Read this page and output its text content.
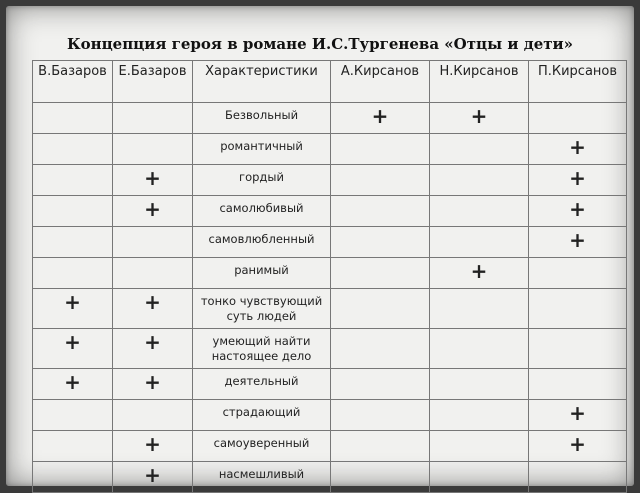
Концепция героя в романе И.С.Тургенева «Отцы и дети»
В.Базаров	Е.Базаров	Характеристики	А.Кирсанов	Н.Кирсанов	П.Кирсанов
		Безвольный	+	+	
		романтичный			+
	+	гордый			+
	+	самолюбивый			+
		самовлюбленный			+
		ранимый		+	
+	+	тонко чувствующий суть людей			
+	+	умеющий найти настоящее дело			
+	+	деятельный			
		страдающий			+
	+	самоуверенный			+
	+	насмешливый			
